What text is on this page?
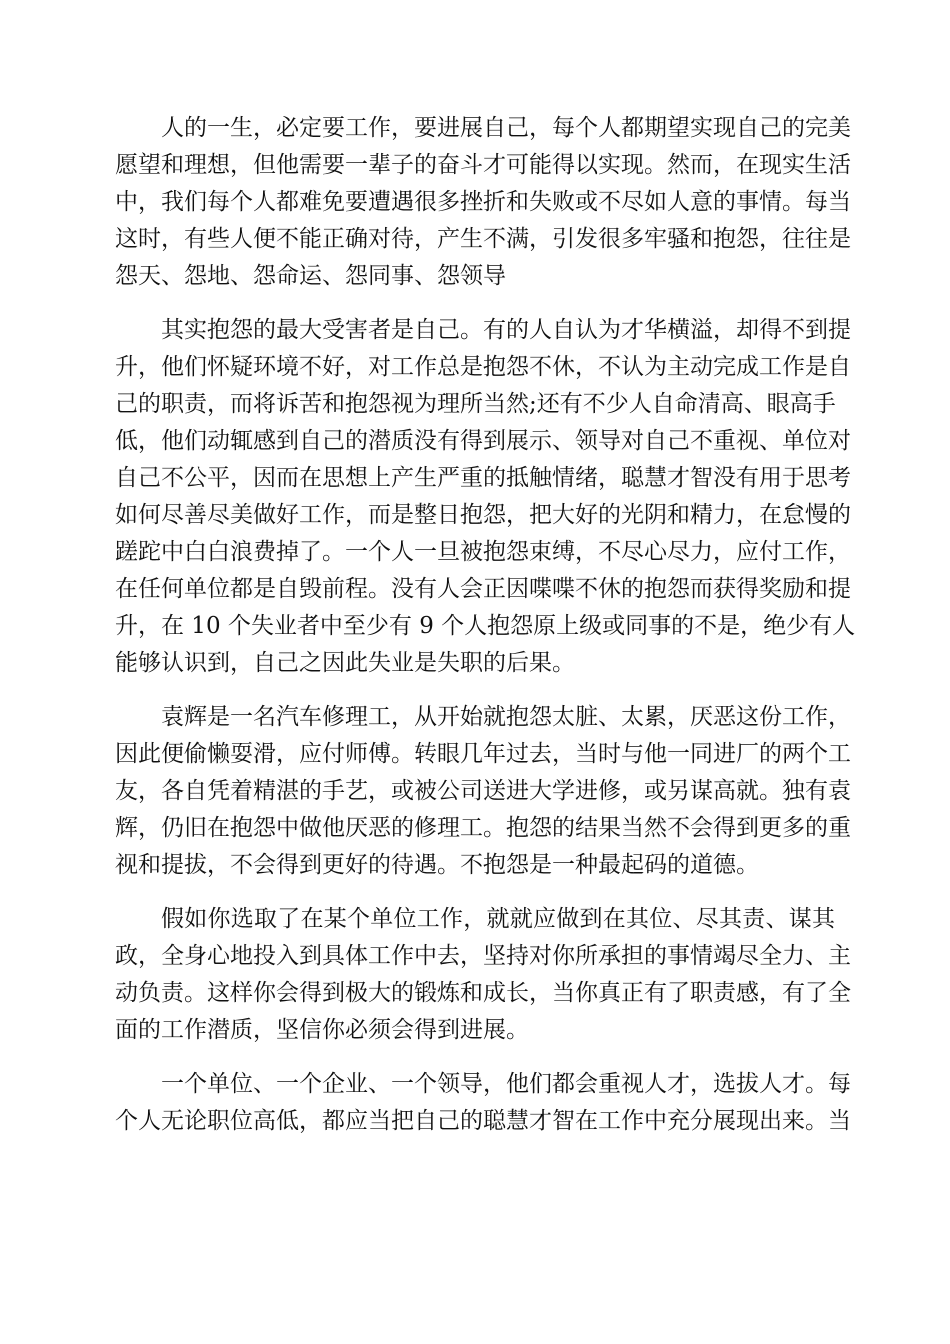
人的一生，必定要工作，要进展自己，每个人都期望实现自己的完美
愿望和理想，但他需要一辈子的奋斗才可能得以实现。然而，在现实生活
中，我们每个人都难免要遭遇很多挫折和失败或不尽如人意的事情。每当
这时，有些人便不能正确对待，产生不满，引发很多牢骚和抱怨，往往是
怨天、怨地、怨命运、怨同事、怨领导
其实抱怨的最大受害者是自己。有的人自认为才华横溢，却得不到提
升，他们怀疑环境不好，对工作总是抱怨不休，不认为主动完成工作是自
己的职责，而将诉苦和抱怨视为理所当然;还有不少人自命清高、眼高手
低，他们动辄感到自己的潜质没有得到展示、领导对自己不重视、单位对
自己不公平，因而在思想上产生严重的抵触情绪，聪慧才智没有用于思考
如何尽善尽美做好工作，而是整日抱怨，把大好的光阴和精力，在怠慢的
蹉跎中白白浪费掉了。一个人一旦被抱怨束缚，不尽心尽力，应付工作，
在任何单位都是自毁前程。没有人会正因喋喋不休的抱怨而获得奖励和提
升，在 10 个失业者中至少有 9 个人抱怨原上级或同事的不是，绝少有人
能够认识到，自己之因此失业是失职的后果。
袁辉是一名汽车修理工，从开始就抱怨太脏、太累，厌恶这份工作，
因此便偷懒耍滑，应付师傅。转眼几年过去，当时与他一同进厂的两个工
友，各自凭着精湛的手艺，或被公司送进大学进修，或另谋高就。独有袁
辉，仍旧在抱怨中做他厌恶的修理工。抱怨的结果当然不会得到更多的重
视和提拔，不会得到更好的待遇。不抱怨是一种最起码的道德。
假如你选取了在某个单位工作，就就应做到在其位、尽其责、谋其
政，全身心地投入到具体工作中去，坚持对你所承担的事情竭尽全力、主
动负责。这样你会得到极大的锻炼和成长，当你真正有了职责感，有了全
面的工作潜质，坚信你必须会得到进展。
一个单位、一个企业、一个领导，他们都会重视人才，选拔人才。每
个人无论职位高低，都应当把自己的聪慧才智在工作中充分展现出来。当
